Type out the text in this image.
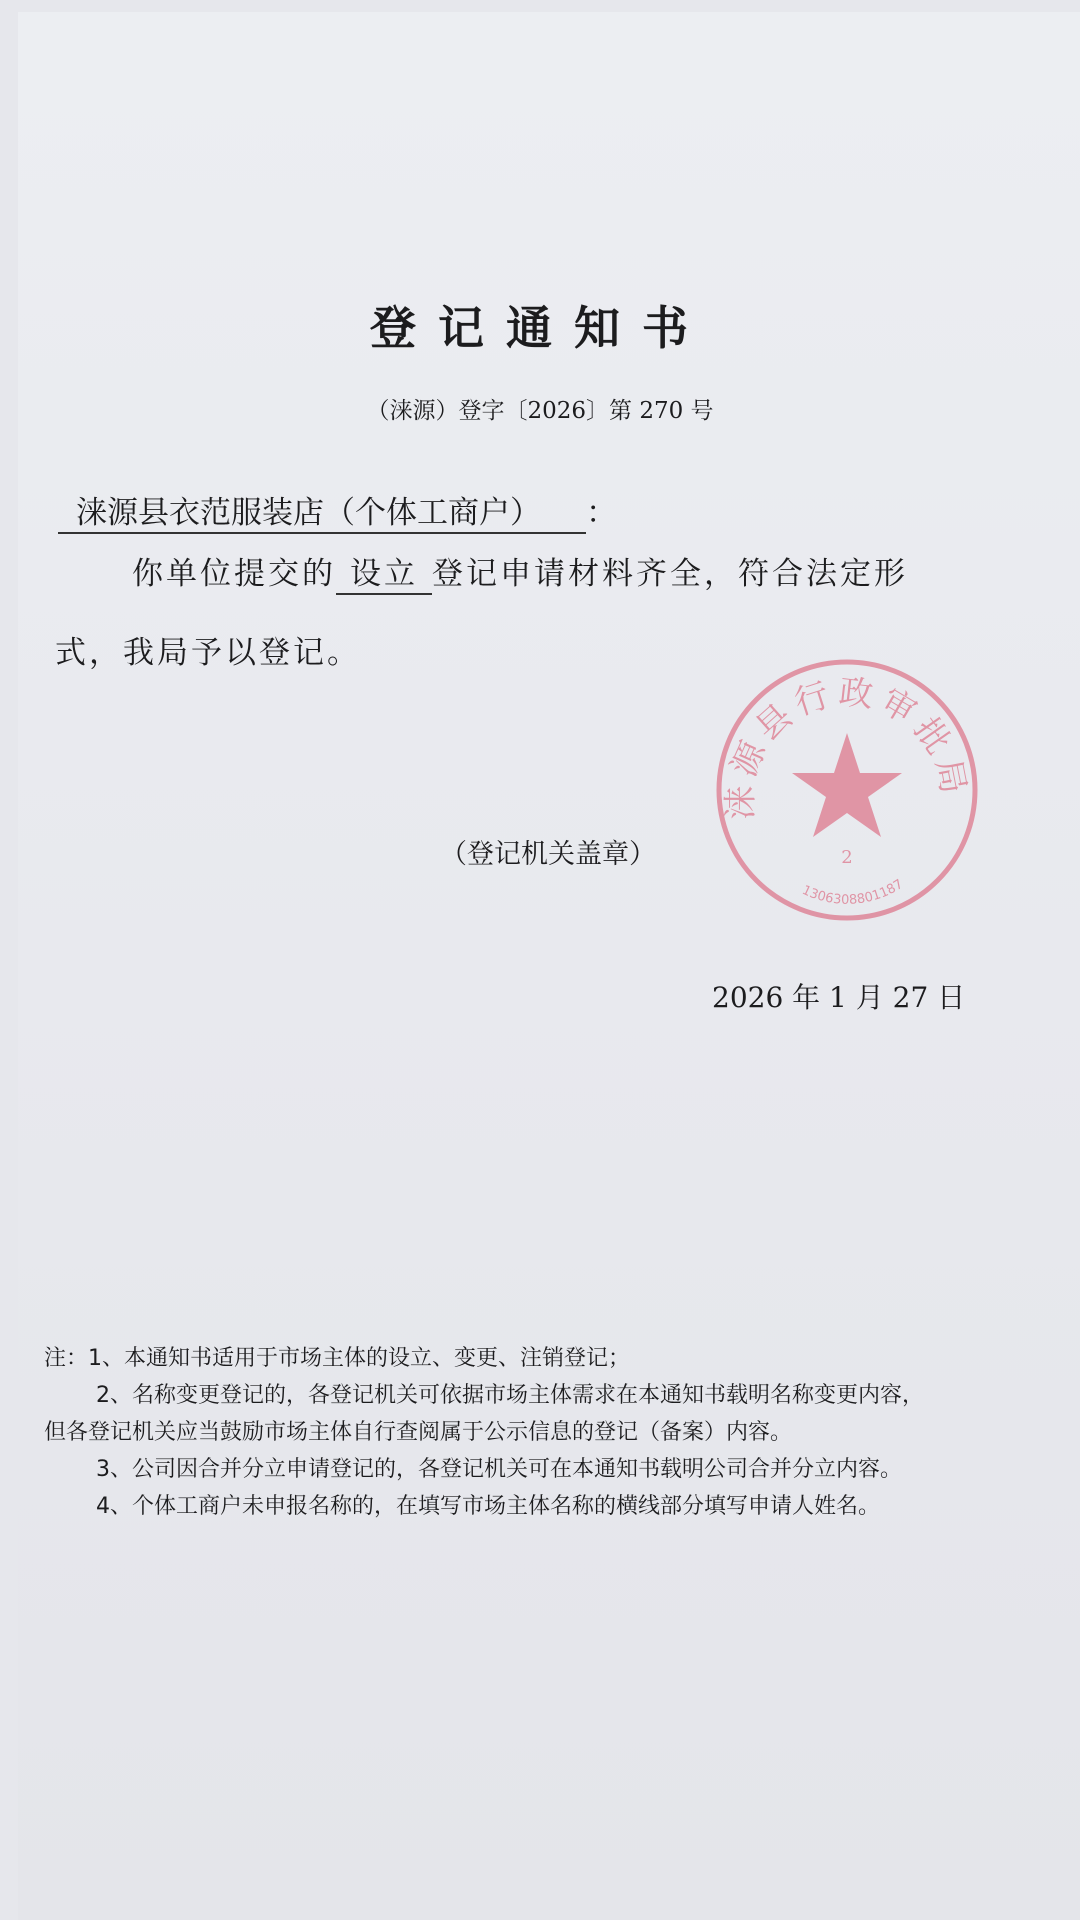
登记通知书
（涞源）登字〔2026〕第 270 号
涞源县衣范服装店（个体工商户） ：
你单位提交的 设立 登记申请材料齐全，符合法定形
式，我局予以登记。
涞源县行政审批局
2
1306308801187
（登记机关盖章）
2026 年 1 月 27 日
注：1、本通知书适用于市场主体的设立、变更、注销登记；
2、名称变更登记的，各登记机关可依据市场主体需求在本通知书载明名称变更内容，
但各登记机关应当鼓励市场主体自行查阅属于公示信息的登记（备案）内容。
3、公司因合并分立申请登记的，各登记机关可在本通知书载明公司合并分立内容。
4、个体工商户未申报名称的，在填写市场主体名称的横线部分填写申请人姓名。
